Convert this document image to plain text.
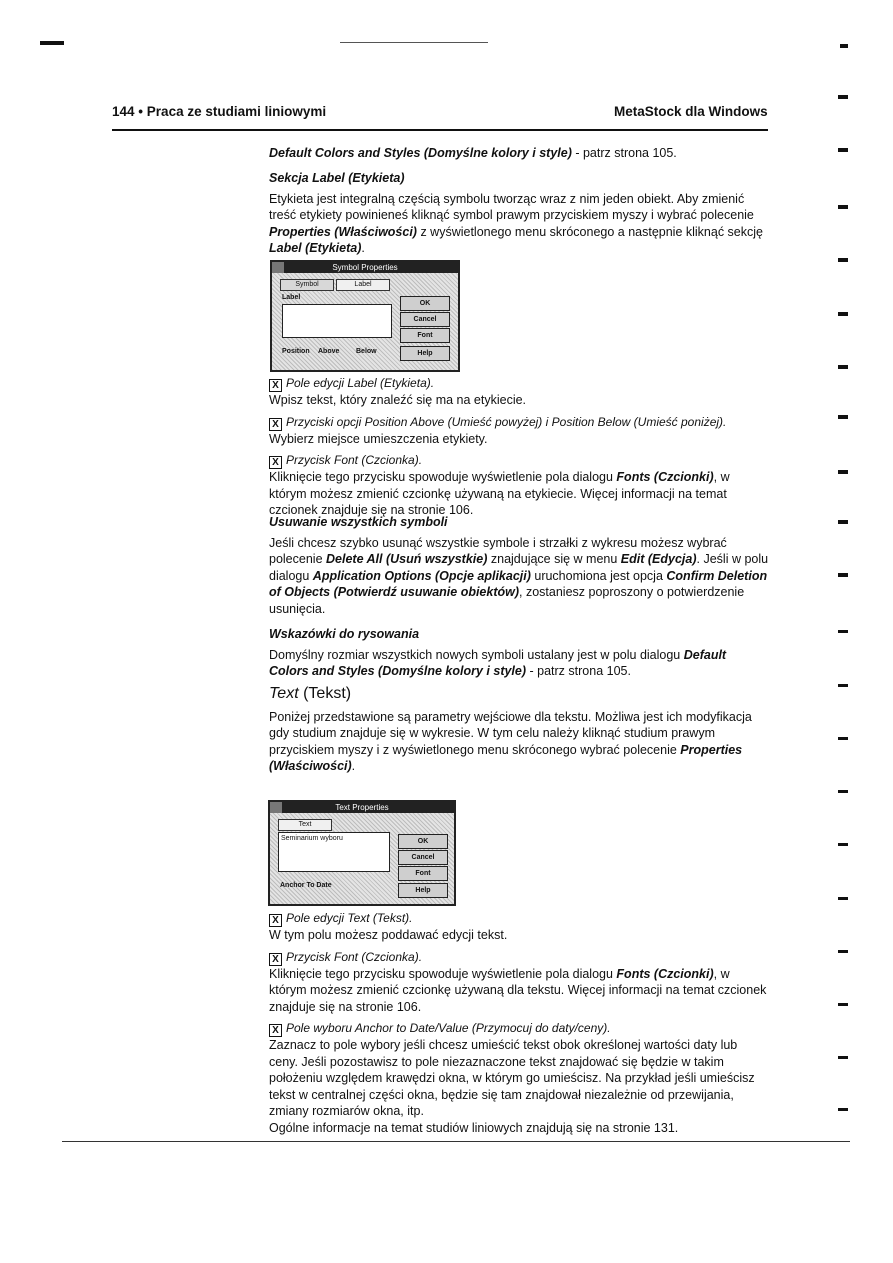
144 • Praca ze studiami liniowymi	MetaStock dla Windows

Default Colors and Styles (Domyślne kolory i style) - patrz strona 105.

Sekcja Label (Etykieta)

Etykieta jest integralną częścią symbolu tworząc wraz z nim jeden obiekt. Aby zmienić treść etykiety powinieneś kliknąć symbol prawym przyciskiem myszy i wybrać polecenie Properties (Właściwości) z wyświetlonego menu skróconego a następnie kliknąć sekcję Label (Etykieta).

Symbol Properties
Symbol	Label
Label
OK
Cancel
Font
Help
Position Above Below

X Pole edycji Label (Etykieta).

Wpisz tekst, który znaleźć się ma na etykiecie.

X Przyciski opcji Position Above (Umieść powyżej) i Position Below (Umieść poniżej).

Wybierz miejsce umieszczenia etykiety.

X Przycisk Font (Czcionka).

Kliknięcie tego przycisku spowoduje wyświetlenie pola dialogu Fonts (Czcionki), w którym możesz zmienić czcionkę używaną na etykiecie. Więcej informacji na temat czcionek znajduje się na stronie 106.

Usuwanie wszystkich symboli

Jeśli chcesz szybko usunąć wszystkie symbole i strzałki z wykresu możesz wybrać polecenie Delete All (Usuń wszystkie) znajdujące się w menu Edit (Edycja). Jeśli w polu dialogu Application Options (Opcje aplikacji) uruchomiona jest opcja Confirm Deletion of Objects (Potwierdź usuwanie obiektów), zostaniesz poproszony o potwierdzenie usunięcia.

Wskazówki do rysowania

Domyślny rozmiar wszystkich nowych symboli ustalany jest w polu dialogu Default Colors and Styles (Domyślne kolory i style) - patrz strona 105.

Text (Tekst)

Poniżej przedstawione są parametry wejściowe dla tekstu. Możliwa jest ich modyfikacja gdy studium znajduje się w wykresie. W tym celu należy kliknąć studium prawym przyciskiem myszy i z wyświetlonego menu skróconego wybrać polecenie Properties (Właściwości).

Text Properties
Text
Seminarium wyboru	OK
Cancel
Font
Help
Anchor To Date

X Pole edycji Text (Tekst).

W tym polu możesz poddawać edycji tekst.

X Przycisk Font (Czcionka).

Kliknięcie tego przycisku spowoduje wyświetlenie pola dialogu Fonts (Czcionki), w którym możesz zmienić czcionkę używaną dla tekstu. Więcej informacji na temat czcionek znajduje się na stronie 106.

X Pole wyboru Anchor to Date/Value (Przymocuj do daty/ceny).

Zaznacz to pole wybory jeśli chcesz umieścić tekst obok określonej wartości daty lub ceny. Jeśli pozostawisz to pole niezaznaczone tekst znajdować się będzie w takim położeniu względem krawędzi okna, w którym go umieścisz. Na przykład jeśli umieścisz tekst w centralnej części okna, będzie się tam znajdował niezależnie od przewijania, zmiany rozmiarów okna, itp.

Ogólne informacje na temat studiów liniowych znajdują się na stronie 131.
